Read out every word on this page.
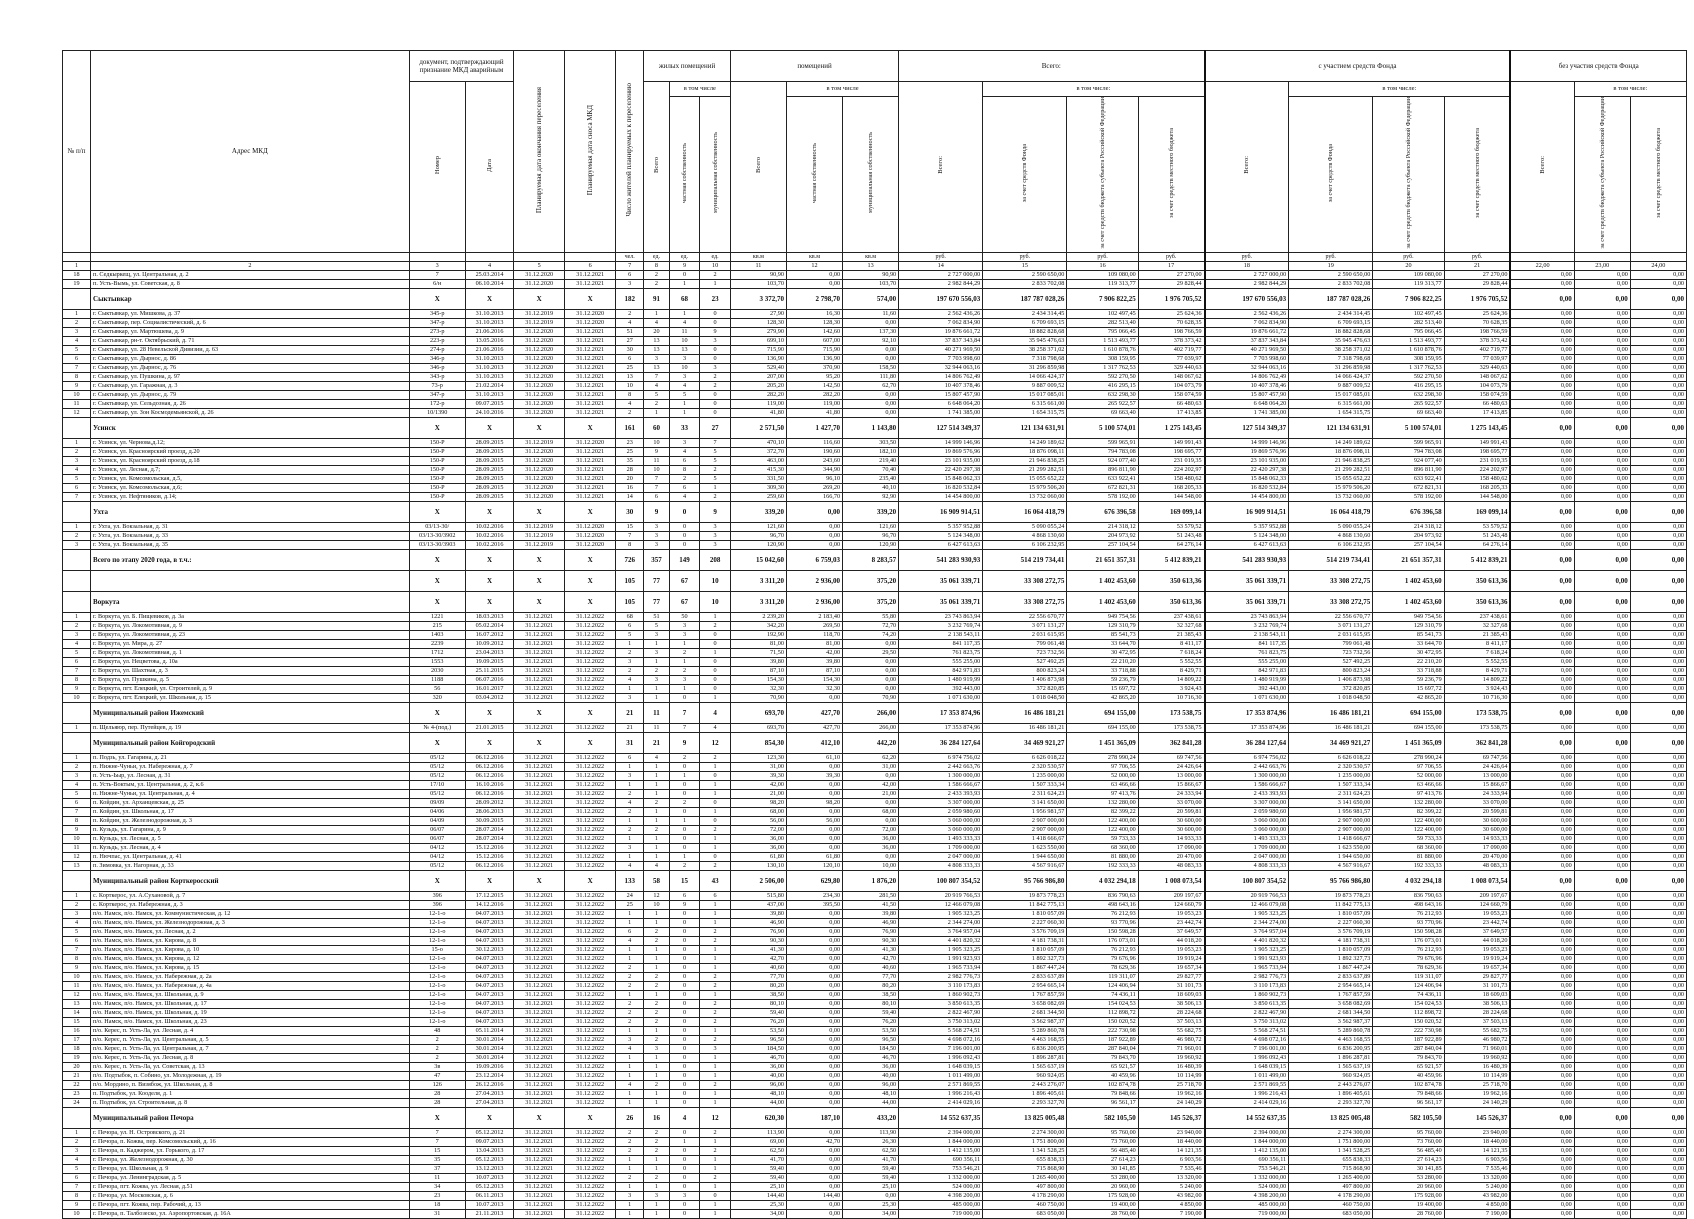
№ п/п	Адрес МКД	документ, подтверждающий признание МКД аварийным		Планируемая дата окончания переселения	Планируемая дата сноса МКД	Число жителей планируемых к переселению	жилых помещений			помещений			Всего:				с участием средств Фонда				без участия средств Фонда		
		Номер	Дата				Всего	в том числе		Всего	в том числе		Всего:	в том числе:			Всего:	в том числе:			Всего:	в том числе:	
								частная собственность	муниципальная собственность		частная собственность	муниципальная собственность		за счет средств Фонда	за счет средств бюджета субъекта Российской Федерации	за счет средств местного бюджета		за счет средств Фонда	за счет средств бюджета субъекта Российской Федерации	за счет средств местного бюджета		за счет средств бюджета субъекта Российской Федерации	за счет средств местного бюджета
						чел.	ед.	ед.	ед.	кв.м	кв.м	кв.м	руб.	руб.	руб.	руб.	руб.	руб.	руб.	руб.			
1	2	3	4	5	6	7	8	9	10	11	12	13	14	15	16	17	18	19	20	21	22,00	23,00	24,00
18	п. Седкыркещ, ул. Центральная, д. 2	7	25.03.2014	31.12.2020	31.12.2021	6	2	0	2	90,90	0,00	90,90	2 727 000,00	2 590 650,00	109 080,00	27 270,00	2 727 000,00	2 590 650,00	109 080,00	27 270,00	0,00	0,00	0,00
19	п. Усть-Вымь, ул. Советская, д. 8	6/н	06.10.2014	31.12.2020	31.12.2021	3	2	1	1	103,70	0,00	103,70	2 982 844,29	2 833 702,08	119 313,77	29 828,44	2 982 844,29	2 833 702,08	119 313,77	29 828,44	0,00	0,00	0,00
	Сыктывкар	X	X	X	X	182	91	68	23	3 372,70	2 798,70	574,00	197 670 556,03	187 787 028,26	7 906 822,25	1 976 705,52	197 670 556,03	187 787 028,26	7 906 822,25	1 976 705,52	0,00	0,00	0,00
1	г. Сыктывкар, ул. Мишкова, д. 37	345-р	31.10.2013	31.12.2019	31.12.2020	2	1	1	0	27,90	16,30	11,60	2 562 436,26	2 434 314,45	102 497,45	25 624,36	2 562 436,26	2 434 314,45	102 497,45	25 624,36	0,00	0,00	0,00
2	г. Сыктывкар, пер. Социалистический, д. 6	347-р	31.10.2013	31.12.2019	31.12.2020	4	4	4	0	128,30	128,30	0,00	7 062 834,90	6 709 693,15	282 513,40	70 628,35	7 062 834,90	6 709 693,15	282 513,40	70 628,35	0,00	0,00	0,00
3	г. Сыктывкар, ул. Мартюшева, д. 9	273-р	21.06.2016	31.12.2020	31.12.2021	51	20	11	9	279,90	142,60	137,30	19 876 661,72	18 882 828,68	795 066,45	198 766,59	19 876 661,72	18 882 828,68	795 066,45	198 766,59	0,00	0,00	0,00
4	г. Сыктывкар, рн-т. Октябрьский, д. 71	223-р	13.05.2016	31.12.2020	31.12.2021	27	13	10	3	699,10	607,00	92,10	37 837 343,84	35 945 476,63	1 513 493,77	378 373,42	37 837 343,84	35 945 476,63	1 513 493,77	378 373,42	0,00	0,00	0,00
5	г. Сыктывкар, ул. 28 Невельской Дивизии, д. 63	274-р	21.06.2016	31.12.2020	31.12.2021	30	13	13	0	715,90	715,90	0,00	40 271 969,50	38 258 371,02	1 610 878,76	402 719,77	40 271 969,50	38 258 371,02	1 610 878,76	402 719,77	0,00	0,00	0,00
6	г. Сыктывкар, ул. Дырнос, д. 86	346-р	31.10.2013	31.12.2020	31.12.2021	6	3	3	0	136,90	136,90	0,00	7 703 998,60	7 318 798,68	308 159,95	77 039,97	7 703 998,60	7 318 798,68	308 159,95	77 039,97	0,00	0,00	0,00
7	г. Сыктывкар, ул. Дырнос, д. 76	346-р	31.10.2013	31.12.2020	31.12.2021	25	13	10	3	529,40	370,90	158,50	32 944 063,16	31 296 859,98	1 317 762,53	329 440,63	32 944 063,16	31 296 859,98	1 317 762,53	329 440,63	0,00	0,00	0,00
8	г. Сыктывкар, ул. Пушкина, д. 97	343-р	31.10.2013	31.12.2020	31.12.2021	13	7	3	2	207,00	95,20	111,80	14 806 762,49	14 066 424,37	592 270,50	148 067,62	14 806 762,49	14 066 424,37	592 270,50	148 067,62	0,00	0,00	0,00
9	г. Сыктывкар, ул. Гаражная, д. 3	73-р	21.02.2014	31.12.2020	31.12.2021	10	4	4	2	205,20	142,50	62,70	10 407 378,46	9 887 009,52	416 295,15	104 073,79	10 407 378,46	9 887 009,52	416 295,15	104 073,79	0,00	0,00	0,00
10	г. Сыктывкар, ул. Дырнос, д. 79	347-р	31.10.2013	31.12.2020	31.12.2021	8	5	5	0	282,20	282,20	0,00	15 807 457,90	15 017 085,01	632 298,30	158 074,59	15 807 457,90	15 017 085,01	632 298,30	158 074,59	0,00	0,00	0,00
11	г. Сыктывкар, ул. Сельдозная, д. 26	172-р	09.07.2015	31.12.2020	31.12.2021	4	2	1	0	119,00	119,00	0,00	6 648 064,20	6 315 661,00	265 922,57	66 480,63	6 648 064,20	6 315 661,00	265 922,57	66 480,63	0,00	0,00	0,00
12	г. Сыктывкар, ул. Зон Космодемьянской, д. 26	10/1390	24.10.2016	31.12.2020	31.12.2021	2	1	1	0	41,80	41,80	0,00	1 741 385,00	1 654 315,75	69 663,40	17 413,85	1 741 385,00	1 654 315,75	69 663,40	17 413,85	0,00	0,00	0,00
	Усинск	X	X	X	X	161	60	33	27	2 571,50	1 427,70	1 143,80	127 514 349,37	121 134 631,91	5 100 574,01	1 275 143,45	127 514 349,37	121 134 631,91	5 100 574,01	1 275 143,45	0,00	0,00	0,00
1	г. Усинск, ул. Чернова,д.12;	150-Р	28.09.2015	31.12.2019	31.12.2020	23	10	3	7	470,10	116,60	303,50	14 999 146,96	14 249 189,62	599 965,91	149 991,43	14 999 146,96	14 249 189,62	599 965,91	149 991,43	0,00	0,00	0,00
2	г. Усинск, ул. Красноярский проезд, д.20	150-Р	28.09.2015	31.12.2020	31.12.2021	25	9	4	5	372,70	190,60	182,10	19 869 576,96	18 876 098,11	794 783,08	198 695,77	19 869 576,96	18 876 098,11	794 783,08	198 695,77	0,00	0,00	0,00
3	г. Усинск, ул. Красноярский проезд, д.18	150-Р	28.09.2015	31.12.2020	31.12.2021	35	11	6	5	463,00	243,60	219,40	23 101 935,00	21 946 838,25	924 077,40	231 019,35	23 101 935,00	21 946 838,25	924 077,40	231 019,35	0,00	0,00	0,00
4	г. Усинск, ул. Лесная, д.7;	150-Р	28.09.2015	31.12.2020	31.12.2021	28	10	8	2	415,30	344,90	70,40	22 420 297,38	21 299 282,51	896 811,90	224 202,97	22 420 297,38	21 299 282,51	896 811,90	224 202,97	0,00	0,00	0,00
5	г. Усинск, ул. Комсомольская, д.5,	150-Р	28.09.2015	31.12.2020	31.12.2021	20	7	2	5	331,50	96,10	235,40	15 848 062,33	15 055 652,22	633 922,41	158 480,62	15 848 062,33	15 055 652,22	633 922,41	158 480,62	0,00	0,00	0,00
6	г. Усинск, ул. Комсомольская, д.6;	150-Р	28.09.2015	31.12.2020	31.12.2021	16	7	6	1	309,30	269,20	40,10	16 820 532,84	15 979 506,20	672 821,31	168 205,33	16 820 532,84	15 979 506,20	672 821,31	168 205,33	0,00	0,00	0,00
7	г. Усинск, ул. Нефтяников, д.14;	150-Р	28.09.2015	31.12.2020	31.12.2021	14	6	4	2	259,60	166,70	92,90	14 454 800,00	13 732 060,00	578 192,00	144 548,00	14 454 800,00	13 732 060,00	578 192,00	144 548,00	0,00	0,00	0,00
	Ухта	X	X	X	X	30	9	0	9	339,20	0,00	339,20	16 909 914,51	16 064 418,79	676 396,58	169 099,14	16 909 914,51	16 064 418,79	676 396,58	169 099,14	0,00	0,00	0,00
1	г. Ухта, ул. Вокзальная, д. 31	03/13-30/	10.02.2016	31.12.2019	31.12.2020	15	3	0	3	121,60	0,00	121,60	5 357 952,88	5 090 055,24	214 318,12	53 579,52	5 357 952,88	5 090 055,24	214 318,12	53 579,52	0,00	0,00	0,00
2	г. Ухта, ул. Вокзальная, д. 33	03/13-30/3902	10.02.2016	31.12.2019	31.12.2020	7	3	0	3	96,70	0,00	96,70	5 124 348,00	4 868 130,60	204 973,92	51 243,48	5 124 348,00	4 868 130,60	204 973,92	51 243,48	0,00	0,00	0,00
3	г. Ухта, ул. Вокзальная, д. 35	03/13-30/3903	10.02.2016	31.12.2019	31.12.2020	8	3	0	3	120,90	0,00	120,90	6 427 613,63	6 106 232,95	257 104,54	64 276,14	6 427 613,63	6 106 232,95	257 104,54	64 276,14	0,00	0,00	0,00
	Всего по этапу 2020 года, в т.ч.:	X	X	X	X	726	357	149	208	15 042,60	6 759,03	8 283,57	541 283 930,93	514 219 734,41	21 651 357,31	5 412 839,21	541 283 930,93	514 219 734,41	21 651 357,31	5 412 839,21	0,00	0,00	0,00
		X	X	X	X	105	77	67	10	3 311,20	2 936,00	375,20	35 061 339,71	33 308 272,75	1 402 453,60	350 613,36	35 061 339,71	33 308 272,75	1 402 453,60	350 613,36	0,00	0,00	0,00
	Воркута	X	X	X	X	105	77	67	10	3 311,20	2 936,00	375,20	35 061 339,71	33 308 272,75	1 402 453,60	350 613,36	35 061 339,71	33 308 272,75	1 402 453,60	350 613,36	0,00	0,00	0,00
1	г. Воркута, ул. Б. Пищевиков, д. 3а	1221	18.03.2013	31.12.2021	31.12.2022	68	51	50	1	2 239,20	2 183,40	55,80	23 743 863,94	22 556 670,77	949 754,56	237 438,61	23 743 863,94	22 556 670,77	949 754,56	237 438,61	0,00	0,00	0,00
2	г. Воркута, ул. Локомотивная, д. 9	215	05.02.2014	31.12.2021	31.12.2022	6	5	3	2	342,20	269,50	72,70	3 232 769,74	3 071 131,27	129 310,79	32 327,68	3 232 769,74	3 071 131,27	129 310,79	32 327,68	0,00	0,00	0,00
3	г. Воркута, ул. Локомотивная, д. 23	1403	16.07.2012	31.12.2021	31.12.2022	5	3	3	0	192,90	118,70	74,20	2 138 543,11	2 031 615,95	85 541,73	21 385,43	2 138 543,11	2 031 615,95	85 541,73	21 385,43	0,00	0,00	0,00
4	г. Воркута, ул. Мира, д. 27	2239	10.09.2012	31.12.2021	31.12.2022	1	1	1	0	81,00	81,00	0,00	841 117,35	799 061,48	33 644,70	8 411,17	841 117,35	799 061,48	33 644,70	8 411,17	0,00	0,00	0,00
5	г. Воркута, ул. Локомотивная, д. 1	1712	23.04.2013	31.12.2021	31.12.2022	2	3	2	1	71,50	42,00	29,50	761 823,75	723 732,56	30 472,95	7 618,24	761 823,75	723 732,56	30 472,95	7 618,24	0,00	0,00	0,00
6	г. Воркута, ул. Нецветова, д. 10а	1553	19.09.2015	31.12.2021	31.12.2022	3	1	1	0	39,80	39,80	0,00	555 255,00	527 492,25	22 210,20	5 552,55	555 255,00	527 492,25	22 210,20	5 552,55	0,00	0,00	0,00
7	г. Воркута, ул. Шахтная, д. 3	2030	25.11.2015	31.12.2021	31.12.2022	2	2	2	0	87,10	87,10	0,00	842 971,83	800 823,24	33 718,88	8 429,71	842 971,83	800 823,24	33 718,88	8 429,71	0,00	0,00	0,00
8	г. Воркута, ул. Пушкина, д. 5	1188	06.07.2016	31.12.2021	31.12.2022	4	3	3	0	154,30	154,30	0,00	1 480 919,99	1 406 873,98	59 236,79	14 809,22	1 480 919,99	1 406 873,98	59 236,79	14 809,22	0,00	0,00	0,00
9	г. Воркута, пгт. Елецкий, ул. Строителей, д. 9	56	16.01.2017	31.12.2021	31.12.2022	1	1	1	0	32,30	32,30	0,00	392 443,00	372 820,85	15 697,72	3 924,43	392 443,00	372 820,85	15 697,72	3 924,43	0,00	0,00	0,00
10	г. Воркута, пгт. Елецкий, ул. Школьная, д. 15	320	03.04.2012	31.12.2021	31.12.2022	3	1	0	1	70,90	0,00	70,90	1 071 630,00	1 018 048,50	42 865,20	10 716,30	1 071 630,00	1 018 048,50	42 865,20	10 716,30	0,00	0,00	0,00
	Муниципальный район Ижемский	X	X	X	X	21	11	7	4	693,70	427,70	266,00	17 353 874,96	16 486 181,21	694 155,00	173 538,75	17 353 874,96	16 486 181,21	694 155,00	173 538,75	0,00	0,00	0,00
1	п. Щельяюр, пер. Путейцев, д. 19	№ 4-(под.)	21.01.2015	31.12.2021	31.12.2022	21	11	7	4	693,70	427,70	266,00	17 353 874,96	16 486 181,21	694 155,00	173 538,75	17 353 874,96	16 486 181,21	694 155,00	173 538,75	0,00	0,00	0,00
	Муниципальный район Койгородский	X	X	X	X	31	21	9	12	854,30	412,10	442,20	36 284 127,64	34 469 921,27	1 451 365,09	362 841,28	36 284 127,64	34 469 921,27	1 451 365,09	362 841,28	0,00	0,00	0,00
1	п. Подзь, ул. Гагарина, д. 21	05/12	06.12.2016	31.12.2021	31.12.2022	6	4	2	2	123,30	61,10	62,20	6 974 756,02	6 626 018,22	278 990,24	69 747,56	6 974 756,02	6 626 018,22	278 990,24	69 747,56	0,00	0,00	0,00
2	п. Нижне-Чуньи, ул. Набережная, д. 7	05/12	06.12.2016	31.12.2021	31.12.2022	1	1	0	1	31,00	0,00	31,00	2 442 663,76	2 320 530,57	97 706,55	24 426,64	2 442 663,76	2 320 530,57	97 706,55	24 426,64	0,00	0,00	0,00
3	п. Усть-Ьыр, ул. Лесная, д. 31	05/12	06.12.2016	31.12.2021	31.12.2022	3	1	1	0	39,30	39,30	0,00	1 300 000,00	1 235 000,00	52 000,00	13 000,00	1 300 000,00	1 235 000,00	52 000,00	13 000,00	0,00	0,00	0,00
4	п. Усть-Воктым, ул. Центральная, д. 2, к.6	17/10	16.10.2016	31.12.2021	31.12.2022	1	1	0	1	42,00	0,00	42,00	1 586 666,67	1 507 333,34	63 466,66	15 866,67	1 586 666,67	1 507 333,34	63 466,66	15 866,67	0,00	0,00	0,00
5	п. Нижне-Чуньи, ул. Центральная, д. 4	05/12	06.12.2016	31.12.2021	31.12.2022	2	1	0	1	21,00	0,00	21,00	2 433 393,93	2 311 624,23	97 413,76	24 333,94	2 433 393,93	2 311 624,23	97 413,76	24 333,94	0,00	0,00	0,00
6	п. Койдин, ул. Арханцевская, д. 25	09/09	28.09.2012	31.12.2021	31.12.2022	4	2	2	0	98,20	98,20	0,00	3 307 000,00	3 141 650,00	132 280,00	33 070,00	3 307 000,00	3 141 650,00	132 280,00	33 070,00	0,00	0,00	0,00
7	п. Койдин, ул. Школьная, д. 17	04/06	28.06.2013	31.12.2021	31.12.2022	2	1	0	1	68,00	0,00	68,00	2 059 980,60	1 956 981,57	82 399,22	20 599,81	2 059 980,60	1 956 981,57	82 399,22	20 599,81	0,00	0,00	0,00
8	п. Койдин, ул. Железнодорожная, д. 3	04/09	30.09.2015	31.12.2021	31.12.2022	1	1	1	0	56,00	56,00	0,00	3 060 000,00	2 907 000,00	122 400,00	30 600,00	3 060 000,00	2 907 000,00	122 400,00	30 600,00	0,00	0,00	0,00
9	п. Кузьдь, ул. Гагарина, д. 9	06/07	28.07.2014	31.12.2021	31.12.2022	2	2	0	2	72,00	0,00	72,00	3 060 000,00	2 907 000,00	122 400,00	30 600,00	3 060 000,00	2 907 000,00	122 400,00	30 600,00	0,00	0,00	0,00
10	п. Кузьдь, ул. Лесная, д. 5	06/07	28.07.2014	31.12.2021	31.12.2022	1	1	0	1	36,00	0,00	36,00	1 493 333,33	1 418 666,67	59 733,33	14 933,33	1 493 333,33	1 418 666,67	59 733,33	14 933,33	0,00	0,00	0,00
11	п. Кузьдь, ул. Лесная, д. 4	04/12	15.12.2016	31.12.2021	31.12.2022	3	1	0	1	36,00	0,00	36,00	1 709 000,00	1 623 550,00	68 360,00	17 090,00	1 709 000,00	1 623 550,00	68 360,00	17 090,00	0,00	0,00	0,00
12	п. Нючпас, ул. Центральная, д. 41	04/12	15.12.2016	31.12.2021	31.12.2022	1	1	1	0	61,80	61,80	0,00	2 047 000,00	1 944 650,00	81 880,00	20 470,00	2 047 000,00	1 944 650,00	81 880,00	20 470,00	0,00	0,00	0,00
13	п. Зимовка, ул. Нагорная, д. 33	05/12	06.12.2016	31.12.2021	31.12.2022	4	4	2	2	130,10	120,10	10,00	4 808 333,33	4 567 916,67	192 333,33	48 083,33	4 808 333,33	4 567 916,67	192 333,33	48 083,33	0,00	0,00	0,00
	Муниципальный район Корткеросский	X	X	X	X	133	58	15	43	2 506,00	629,80	1 876,20	100 807 354,52	95 766 986,80	4 032 294,18	1 008 073,54	100 807 354,52	95 766 986,80	4 032 294,18	1 008 073,54	0,00	0,00	0,00
1	с. Корткерос, ул. А.Сухановой, д. 7	396	17.12.2015	31.12.2021	31.12.2022	24	12	6	6	515,80	234,30	281,50	20 919 766,53	19 873 778,23	836 790,63	209 197,67	20 919 766,53	19 873 778,23	836 790,63	209 197,67	0,00	0,00	0,00
2	с. Корткерос, ул. Набережная, д. 3	396	14.12.2016	31.12.2021	31.12.2022	25	10	9	1	437,00	395,50	41,50	12 466 079,08	11 842 775,13	498 643,16	124 660,79	12 466 079,08	11 842 775,13	498 643,16	124 660,79	0,00	0,00	0,00
3	п/о. Намск, п/о. Намск, ул. Коммунистическая, д. 12	12-1-о	04.07.2013	31.12.2021	31.12.2022	1	1	0	1	39,80	0,00	39,80	1 905 323,25	1 810 057,09	76 212,93	19 053,23	1 905 323,25	1 810 057,09	76 212,93	19 053,23	0,00	0,00	0,00
4	п/о. Намск, п/о. Намск, ул. Железнодорожная, д. 3	12-1-о	04.07.2013	31.12.2021	31.12.2022	1	1	0	1	46,90	0,00	46,90	2 344 274,00	2 227 060,30	93 770,96	23 442,74	2 344 274,00	2 227 060,30	93 770,96	23 442,74	0,00	0,00	0,00
5	п/о. Намск, п/о. Намск, ул. Лесная, д. 2	12-1-о	04.07.2013	31.12.2021	31.12.2022	6	2	0	2	76,90	0,00	76,90	3 764 957,04	3 576 709,19	150 598,28	37 649,57	3 764 957,04	3 576 709,19	150 598,28	37 649,57	0,00	0,00	0,00
6	п/о. Намск, п/о. Намск, ул. Кирова, д. 8	12-1-о	04.07.2013	31.12.2021	31.12.2022	4	2	0	2	90,30	0,00	90,30	4 401 820,32	4 181 738,31	176 073,01	44 018,20	4 401 820,32	4 181 738,31	176 073,01	44 018,20	0,00	0,00	0,00
7	п/о. Намск, п/о. Намск, ул. Кирова, д. 10	15-о	30.12.2013	31.12.2021	31.12.2022	1	1	0	1	41,30	0,00	41,30	1 905 323,25	1 810 057,09	76 212,93	19 053,23	1 905 323,25	1 810 057,09	76 212,93	19 053,23	0,00	0,00	0,00
8	п/о. Намск, п/о. Намск, ул. Кирова, д. 12	12-1-о	04.07.2013	31.12.2021	31.12.2022	1	1	0	1	42,70	0,00	42,70	1 991 923,93	1 892 327,73	79 676,96	19 919,24	1 991 923,93	1 892 327,73	79 676,96	19 919,24	0,00	0,00	0,00
9	п/о. Намск, п/о. Намск, ул. Кирова, д. 15	12-1-о	04.07.2013	31.12.2021	31.12.2022	2	1	0	1	40,60	0,00	40,60	1 965 733,94	1 867 447,24	78 629,36	19 657,34	1 965 733,94	1 867 447,24	78 629,36	19 657,34	0,00	0,00	0,00
10	п/о. Намск, п/о. Намск, ул. Набережная, д. 2а	12-1-о	04.07.2013	31.12.2021	31.12.2022	2	2	0	2	77,70	0,00	77,70	2 982 776,73	2 833 637,89	119 311,07	29 827,77	2 982 776,73	2 833 637,89	119 311,07	29 827,77	0,00	0,00	0,00
11	п/о. Намск, п/о. Намск, ул. Набережная, д. 4а	12-1-о	04.07.2013	31.12.2021	31.12.2022	2	2	0	2	80,20	0,00	80,20	3 110 173,83	2 954 665,14	124 406,94	31 101,73	3 110 173,83	2 954 665,14	124 406,94	31 101,73	0,00	0,00	0,00
12	п/о. Намск, п/о. Намск, ул. Школьная, д. 9	12-1-о	04.07.2013	31.12.2021	31.12.2022	1	1	0	1	38,50	0,00	38,50	1 860 902,73	1 767 857,59	74 436,11	18 609,03	1 860 902,73	1 767 857,59	74 436,11	18 609,03	0,00	0,00	0,00
13	п/о. Намск, п/о. Намск, ул. Школьная, д. 17	12-1-о	04.07.2013	31.12.2021	31.12.2022	2	2	0	2	80,10	0,00	80,10	3 850 613,35	3 658 082,69	154 024,53	38 506,13	3 850 613,35	3 658 082,69	154 024,53	38 506,13	0,00	0,00	0,00
14	п/о. Намск, п/о. Намск, ул. Школьная, д. 19	12-1-о	04.07.2013	31.12.2021	31.12.2022	2	2	0	2	59,40	0,00	59,40	2 822 467,90	2 681 344,50	112 898,72	28 224,68	2 822 467,90	2 681 344,50	112 898,72	28 224,68	0,00	0,00	0,00
15	п/о. Намск, п/о. Намск, ул. Школьная, д. 23	12-1-о	04.07.2013	31.12.2021	31.12.2022	2	2	0	2	76,20	0,00	76,20	3 750 313,02	3 562 987,37	150 020,52	37 503,13	3 750 313,02	3 562 987,37	150 020,52	37 503,13	0,00	0,00	0,00
16	п/о. Керес, п. Усть-Ла, ул. Лесная, д. 4	48	05.11.2014	31.12.2021	31.12.2022	1	1	0	1	53,50	0,00	53,50	5 568 274,51	5 289 860,78	222 730,98	55 682,75	5 568 274,51	5 289 860,78	222 730,98	55 682,75	0,00	0,00	0,00
17	п/о. Керес, п. Усть-Ла, ул. Центральная, д. 5	2	30.01.2014	31.12.2021	31.12.2022	3	2	0	2	96,50	0,00	96,50	4 698 072,16	4 463 168,55	187 922,89	46 980,72	4 698 072,16	4 463 168,55	187 922,89	46 980,72	0,00	0,00	0,00
18	п/о. Керес, п. Усть-Ла, ул. Центральная, д. 7	2	30.01.2014	31.12.2021	31.12.2022	4	3	0	3	184,50	0,00	184,50	7 196 001,00	6 836 200,95	287 840,04	71 960,01	7 196 001,00	6 836 200,95	287 840,04	71 960,01	0,00	0,00	0,00
19	п/о. Керес, п. Усть-Ла, ул. Лесная, д. 8	2	30.01.2014	31.12.2021	31.12.2022	1	1	0	1	46,70	0,00	46,70	1 996 092,43	1 896 287,81	79 843,70	19 960,92	1 996 092,43	1 896 287,81	79 843,70	19 960,92	0,00	0,00	0,00
20	п/о. Керес, п. Усть-Ла, ул. Советская, д. 13	3в	19.09.2016	31.12.2021	31.12.2022	1	1	0	1	36,00	0,00	36,00	1 648 039,15	1 565 637,19	65 921,57	16 480,39	1 648 039,15	1 565 637,19	65 921,57	16 480,39	0,00	0,00	0,00
21	п/о. Подтыбок, п. Собино, ул. Молодежная, д. 19	47	23.12.2014	31.12.2021	31.12.2022	1	1	0	1	40,00	0,00	40,00	1 011 499,00	960 924,05	40 459,96	10 114,99	1 011 499,00	960 924,05	40 459,96	10 114,99	0,00	0,00	0,00
22	п/о. Мордино, п. Визябож, ул. Школьная, д. 8	126	26.12.2016	31.12.2021	31.12.2022	4	2	0	2	96,00	0,00	96,00	2 571 869,55	2 443 276,07	102 874,78	25 718,70	2 571 869,55	2 443 276,07	102 874,78	25 718,70	0,00	0,00	0,00
23	п. Подтыбок, ул. Кооделя, д. 1	28	27.04.2013	31.12.2021	31.12.2022	1	1	0	1	48,10	0,00	48,10	1 996 216,43	1 896 405,61	79 848,66	19 962,16	1 996 216,43	1 896 405,61	79 848,66	19 962,16	0,00	0,00	0,00
24	п. Подтыбок, ул. Строительная, д. 8	28	27.04.2013	31.12.2021	31.12.2022	1	1	0	1	44,00	0,00	44,00	2 414 029,16	2 293 327,70	96 561,17	24 140,29	2 414 029,16	2 293 327,70	96 561,17	24 140,29	0,00	0,00	0,00
	Муниципальный район Печора	X	X	X	X	26	16	4	12	620,30	187,10	433,20	14 552 637,35	13 825 005,48	582 105,50	145 526,37	14 552 637,35	13 825 005,48	582 105,50	145 526,37	0,00	0,00	0,00
1	г. Печора, ул. Н. Островского, д. 21	7	05.12.2012	31.12.2021	31.12.2022	2	2	0	2	113,90	0,00	113,90	2 394 000,00	2 274 300,00	95 760,00	23 940,00	2 394 000,00	2 274 300,00	95 760,00	23 940,00	0,00	0,00	0,00
2	г. Печора, п. Кожва, пер. Комсомольский, д. 16	7	09.07.2013	31.12.2021	31.12.2022	2	2	1	1	69,00	42,70	26,30	1 844 000,00	1 751 800,00	73 760,00	18 440,00	1 844 000,00	1 751 800,00	73 760,00	18 440,00	0,00	0,00	0,00
3	г. Печора, п. Каджером, ул. Горького, д. 17	15	13.04.2013	31.12.2021	31.12.2022	2	2	0	2	62,50	0,00	62,50	1 412 135,00	1 341 528,25	56 485,40	14 121,35	1 412 135,00	1 341 528,25	56 485,40	14 121,35	0,00	0,00	0,00
4	г. Печора, ул. Железнодорожная, д. 30	35	05.12.2013	31.12.2021	31.12.2022	1	1	0	1	41,70	0,00	41,70	690 356,11	655 838,33	27 614,23	6 903,56	690 356,11	655 838,33	27 614,23	6 903,56	0,00	0,00	0,00
5	г. Печора, ул. Школьная, д. 9	37	13.12.2013	31.12.2021	31.12.2022	1	1	0	1	59,40	0,00	59,40	753 546,21	715 868,90	30 141,85	7 535,46	753 546,21	715 868,90	30 141,85	7 535,46	0,00	0,00	0,00
6	г. Печора, ул. Ленинградская, д. 5	11	10.07.2013	31.12.2021	31.12.2022	2	2	0	2	59,40	0,00	59,40	1 332 000,00	1 265 400,00	53 280,00	13 320,00	1 332 000,00	1 265 400,00	53 280,00	13 320,00	0,00	0,00	0,00
7	г. Печора, пгт. Кожва, ул. Лесная, д.51	34	05.12.2013	31.12.2021	31.12.2022	1	1	0	1	25,10	0,00	25,10	524 000,00	497 800,00	20 960,00	5 240,00	524 000,00	497 800,00	20 960,00	5 240,00	0,00	0,00	0,00
8	г. Печора, ул. Московская, д. 6	23	06.11.2013	31.12.2021	31.12.2022	3	3	3	0	144,40	144,40	0,00	4 398 200,00	4 178 290,00	175 928,00	43 982,00	4 398 200,00	4 178 290,00	175 928,00	43 982,00	0,00	0,00	0,00
9	г. Печора, пгт. Кожва, пер. Рабочий, д. 13	18	10.07.2013	31.12.2021	31.12.2022	1	1	0	1	25,30	0,00	25,30	485 000,00	460 750,00	19 400,00	4 850,00	485 000,00	460 750,00	19 400,00	4 850,00	0,00	0,00	0,00
10	г. Печора, п. Талбозеско, ул. Аэропортовская, д. 16А	31	21.11.2013	31.12.2021	31.12.2022	1	1	0	1	34,00	0,00	34,00	719 000,00	683 050,00	28 760,00	7 190,00	719 000,00	683 050,00	28 760,00	7 190,00	0,00	0,00	0,00
